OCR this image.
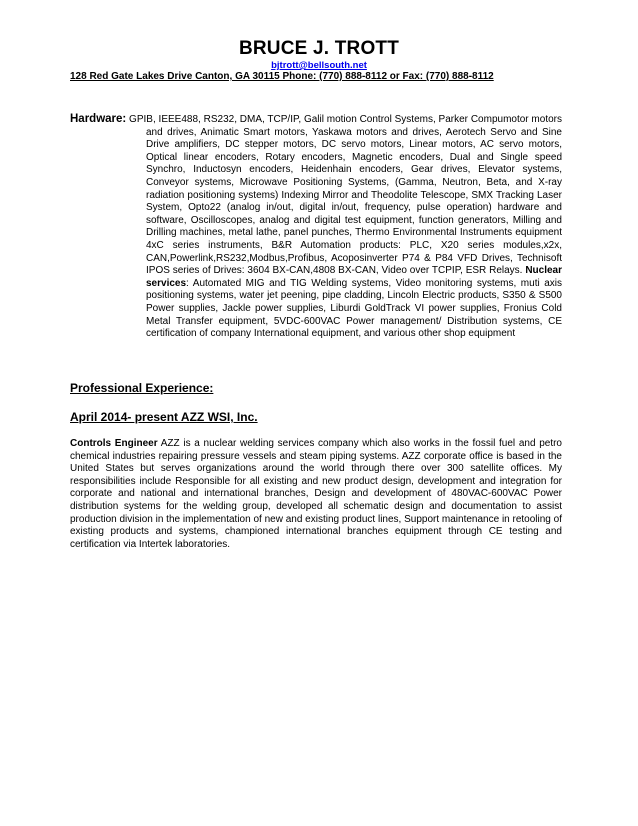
BRUCE J. TROTT
bjtrott@bellsouth.net
128 Red Gate Lakes Drive Canton, GA 30115 Phone: (770) 888-8112 or Fax: (770) 888-8112
Hardware: GPIB, IEEE488, RS232, DMA, TCP/IP, Galil motion Control Systems, Parker Compumotor motors and drives, Animatic Smart motors, Yaskawa motors and drives, Aerotech Servo and Sine Drive amplifiers, DC stepper motors, DC servo motors, Linear motors, AC servo motors, Optical linear encoders, Rotary encoders, Magnetic encoders, Dual and Single speed Synchro, Inductosyn encoders, Heidenhain encoders, Gear drives, Elevator systems, Conveyor systems, Microwave Positioning Systems, (Gamma, Neutron, Beta, and X-ray radiation positioning systems) Indexing Mirror and Theodolite Telescope, SMX Tracking Laser System, Opto22 (analog in/out, digital in/out, frequency, pulse operation) hardware and software, Oscilloscopes, analog and digital test equipment, function generators, Milling and Drilling machines, metal lathe, panel punches, Thermo Environmental Instruments equipment 4xC series instruments, B&R Automation products: PLC, X20 series modules,x2x, CAN,Powerlink,RS232,Modbus,Profibus, Acoposinverter P74 & P84 VFD Drives, Technisoft IPOS series of Drives: 3604 BX-CAN,4808 BX-CAN, Video over TCPIP, ESR Relays. Nuclear services: Automated MIG and TIG Welding systems, Video monitoring systems, muti axis positioning systems, water jet peening, pipe cladding, Lincoln Electric products, S350 & S500 Power supplies, Jackle power supplies, Liburdi GoldTrack VI power supplies, Fronius Cold Metal Transfer equipment, 5VDC-600VAC Power management/ Distribution systems, CE certification of company International equipment, and various other shop equipment
Professional Experience:
April 2014- present AZZ WSI, Inc.
Controls Engineer AZZ is a nuclear welding services company which also works in the fossil fuel and petro chemical industries repairing pressure vessels and steam piping systems. AZZ corporate office is based in the United States but serves organizations around the world through there over 300 satellite offices. My responsibilities include Responsible for all existing and new product design, development and integration for corporate and national and international branches, Design and development of 480VAC-600VAC Power distribution systems for the welding group, developed all schematic design and documentation to assist production division in the implementation of new and existing product lines, Support maintenance in retooling of existing products and systems, championed international branches equipment through CE testing and certification via Intertek laboratories.
